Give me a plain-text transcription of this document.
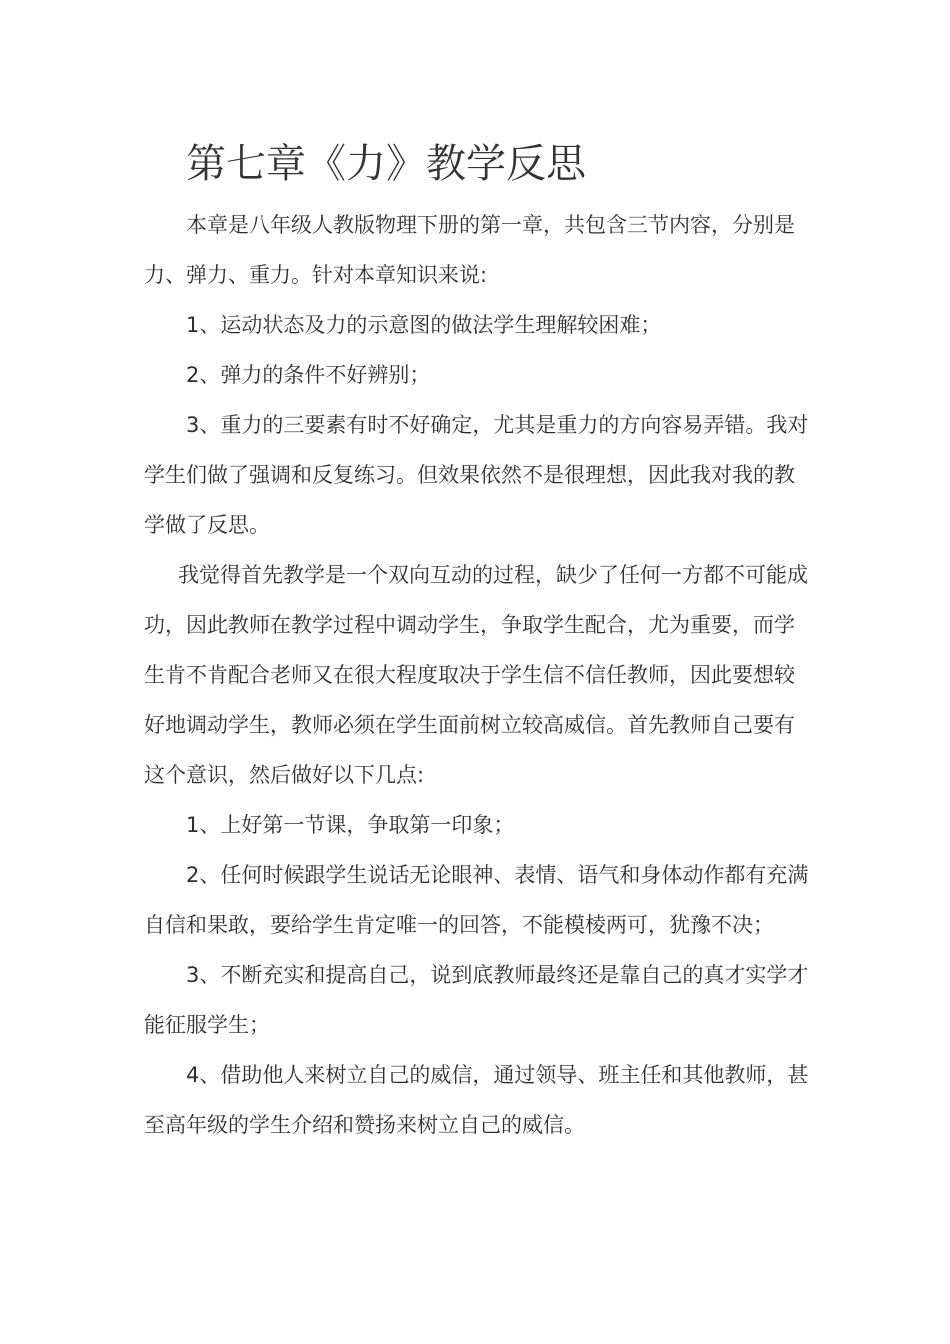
第七章《力》教学反思

本章是八年级人教版物理下册的第一章，共包含三节内容，分别是力、弹力、重力。针对本章知识来说:

1、运动状态及力的示意图的做法学生理解较困难；

2、弹力的条件不好辨别；

3、重力的三要素有时不好确定，尤其是重力的方向容易弄错。我对学生们做了强调和反复练习。但效果依然不是很理想，因此我对我的教学做了反思。

我觉得首先教学是一个双向互动的过程，缺少了任何一方都不可能成功，因此教师在教学过程中调动学生，争取学生配合，尤为重要，而学生肯不肯配合老师又在很大程度取决于学生信不信任教师，因此要想较好地调动学生，教师必须在学生面前树立较高威信。首先教师自己要有这个意识，然后做好以下几点:

1、上好第一节课，争取第一印象；

2、任何时候跟学生说话无论眼神、表情、语气和身体动作都有充满自信和果敢，要给学生肯定唯一的回答，不能模棱两可，犹豫不决；

3、不断充实和提高自己，说到底教师最终还是靠自己的真才实学才能征服学生；

4、借助他人来树立自己的威信，通过领导、班主任和其他教师，甚至高年级的学生介绍和赞扬来树立自己的威信。
